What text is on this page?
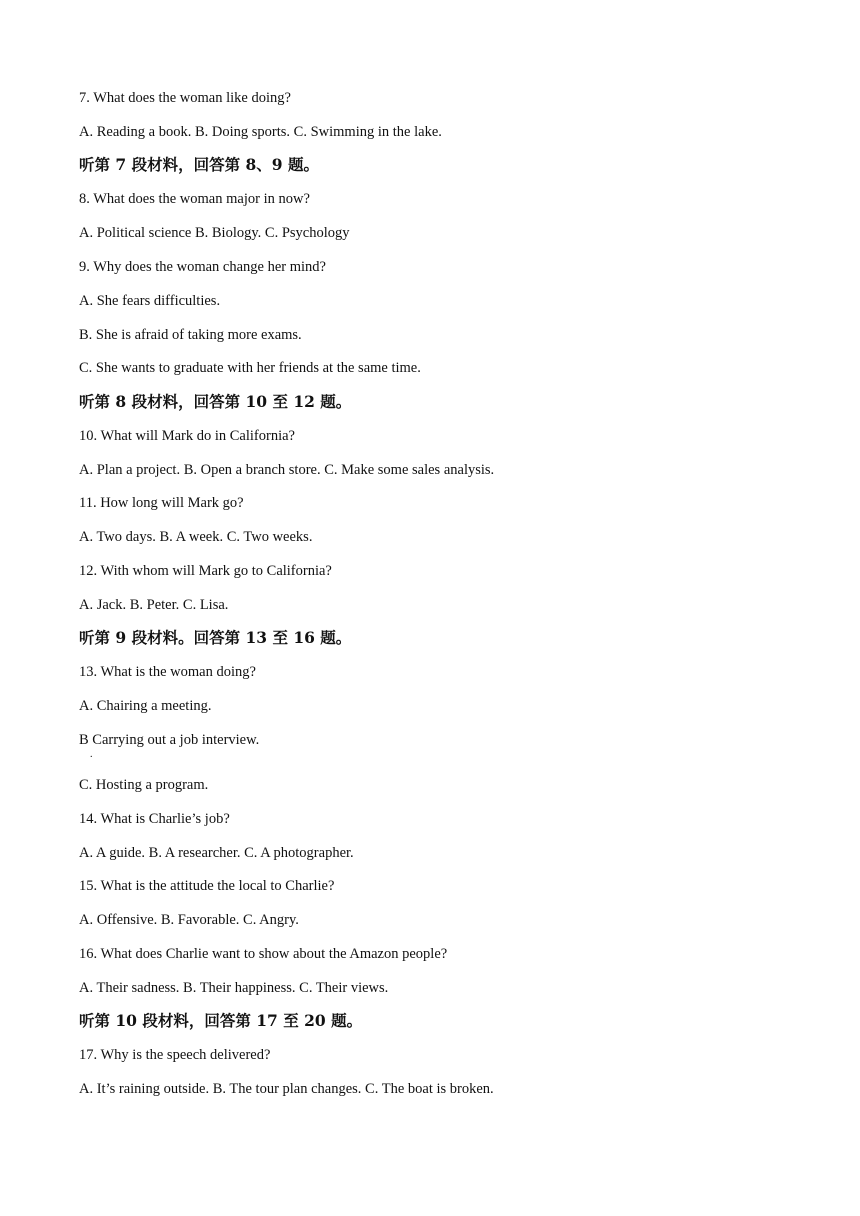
7. What does the woman like doing?
A. Reading a book. B. Doing sports. C. Swimming in the lake.
听第 7 段材料，回答第 8、9 题。
8. What does the woman major in now?
A. Political science B. Biology. C. Psychology
9. Why does the woman change her mind?
A. She fears difficulties.
B. She is afraid of taking more exams.
C. She wants to graduate with her friends at the same time.
听第 8 段材料，回答第 10 至 12 题。
10. What will Mark do in California?
A. Plan a project. B. Open a branch store. C. Make some sales analysis.
11. How long will Mark go?
A. Two days. B. A week. C. Two weeks.
12. With whom will Mark go to California?
A. Jack. B. Peter. C. Lisa.
听第 9 段材料。回答第 13 至 16 题。
13. What is the woman doing?
A. Chairing a meeting.
B Carrying out a job interview.
.
C. Hosting a program.
14. What is Charlie’s job?
A. A guide. B. A researcher. C. A photographer.
15. What is the attitude the local to Charlie?
A. Offensive. B. Favorable. C. Angry.
16. What does Charlie want to show about the Amazon people?
A. Their sadness. B. Their happiness. C. Their views.
听第 10 段材料，回答第 17 至 20 题。
17. Why is the speech delivered?
A. It’s raining outside. B. The tour plan changes. C. The boat is broken.
